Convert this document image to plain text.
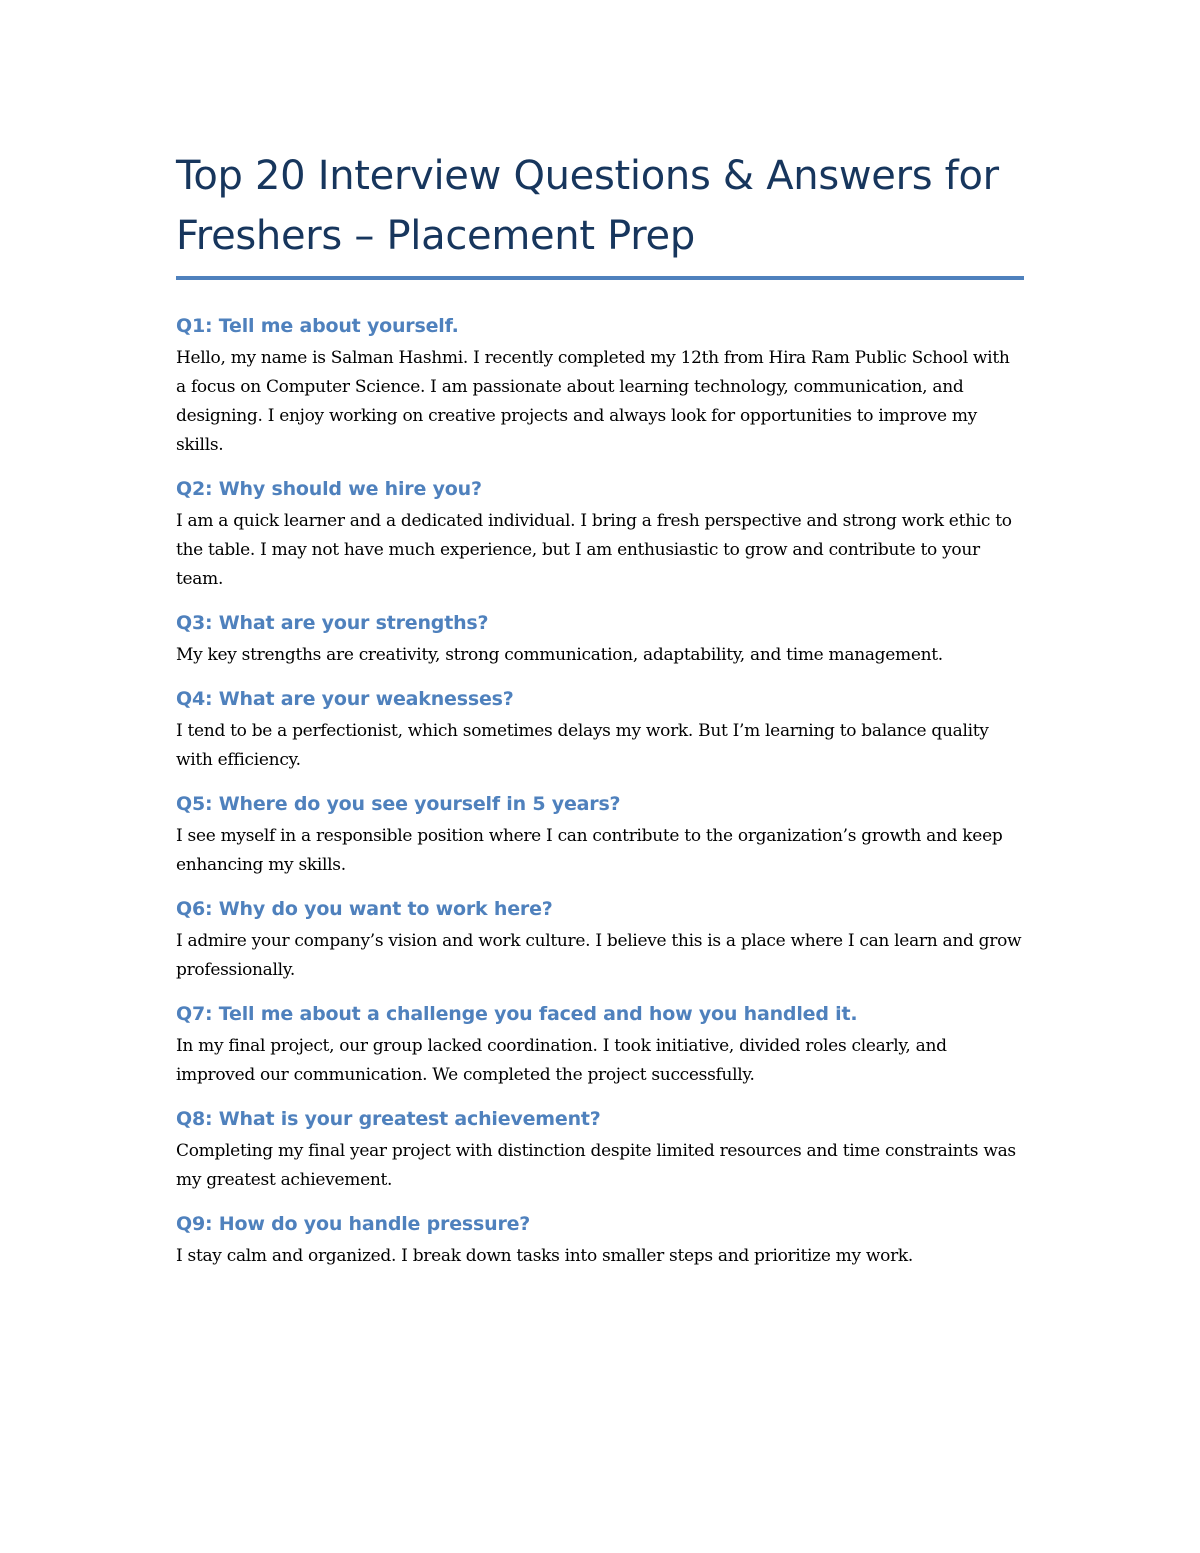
Top 20 Interview Questions & Answers for Freshers – Placement Prep

Q1: Tell me about yourself.

Hello, my name is Salman Hashmi. I recently completed my 12th from Hira Ram Public School with a focus on Computer Science. I am passionate about learning technology, communication, and designing. I enjoy working on creative projects and always look for opportunities to improve my skills.

Q2: Why should we hire you?

I am a quick learner and a dedicated individual. I bring a fresh perspective and strong work ethic to the table. I may not have much experience, but I am enthusiastic to grow and contribute to your team.

Q3: What are your strengths?

My key strengths are creativity, strong communication, adaptability, and time management.

Q4: What are your weaknesses?

I tend to be a perfectionist, which sometimes delays my work. But I’m learning to balance quality with efficiency.

Q5: Where do you see yourself in 5 years?

I see myself in a responsible position where I can contribute to the organization’s growth and keep enhancing my skills.

Q6: Why do you want to work here?

I admire your company’s vision and work culture. I believe this is a place where I can learn and grow professionally.

Q7: Tell me about a challenge you faced and how you handled it.

In my final project, our group lacked coordination. I took initiative, divided roles clearly, and improved our communication. We completed the project successfully.

Q8: What is your greatest achievement?

Completing my final year project with distinction despite limited resources and time constraints was my greatest achievement.

Q9: How do you handle pressure?

I stay calm and organized. I break down tasks into smaller steps and prioritize my work.
